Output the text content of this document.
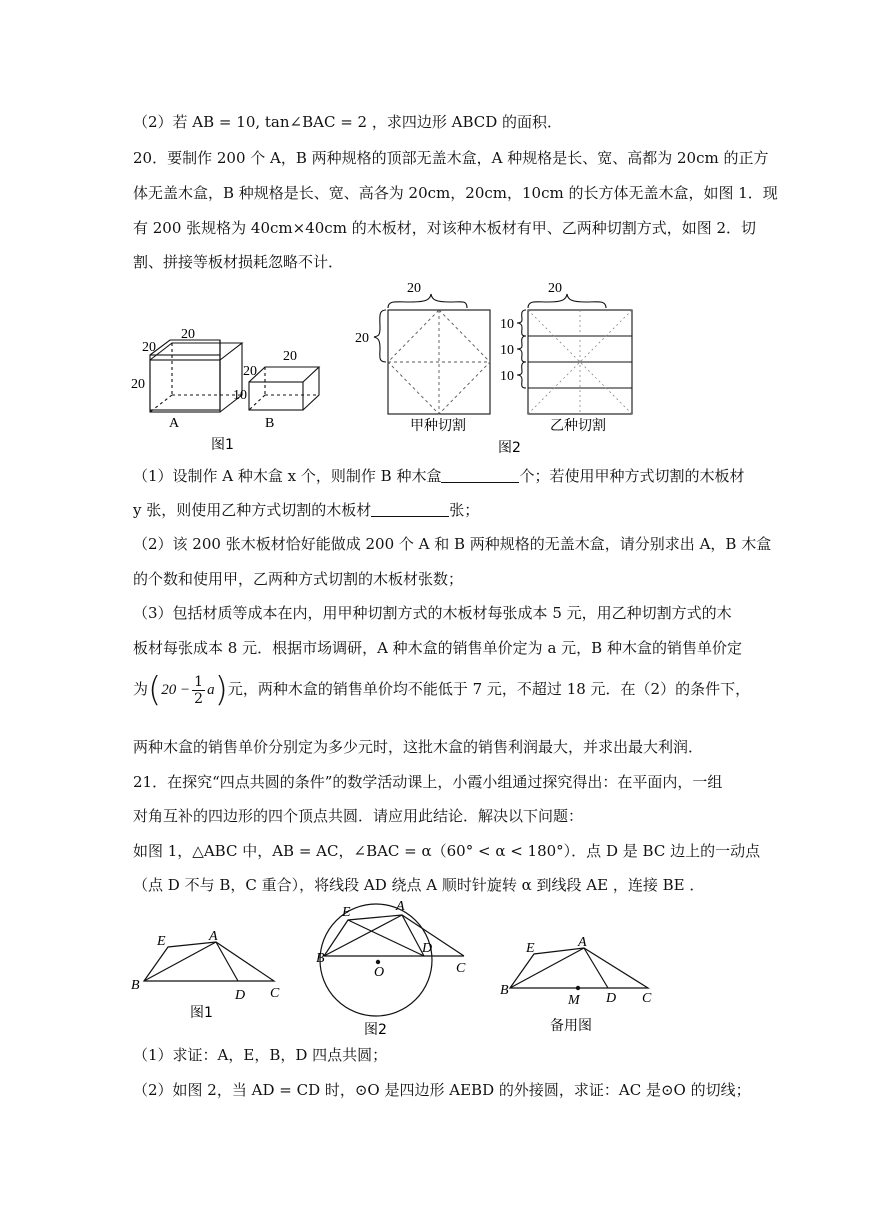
（2）若 AB = 10, tan∠BAC = 2 ，求四边形 ABCD 的面积．
20．要制作 200 个 A，B 两种规格的顶部无盖木盒，A 种规格是长、宽、高都为 20cm 的正方
体无盖木盒，B 种规格是长、宽、高各为 20cm，20cm，10cm 的长方体无盖木盒，如图 1．现
有 200 张规格为 40cm×40cm 的木板材，对该种木板材有甲、乙两种切割方式，如图 2．切
割、拼接等板材损耗忽略不计．
20
20
20
20
20
10
A	B
图1
20
20
甲种切割
20
10
10
10
乙种切割
图2
（1）设制作 A 种木盒 x 个，则制作 B 种木盒	个；若使用甲种方式切割的木板材
y 张，则使用乙种方式切割的木板材	张；
（2）该 200 张木板材恰好能做成 200 个 A 和 B 两种规格的无盖木盒，请分别求出 A，B 木盒
的个数和使用甲，乙两种方式切割的木板材张数；
（3）包括材质等成本在内，用甲种切割方式的木板材每张成本 5 元，用乙种切割方式的木
板材每张成本 8 元．根据市场调研，A 种木盒的销售单价定为 a 元，B 种木盒的销售单价定
为$(20 - \frac{1}{2} a)$元，两种木盒的销售单价均不能低于 7 元，不超过 18 元．在（2）的条件下，
两种木盒的销售单价分别定为多少元时，这批木盒的销售利润最大，并求出最大利润．
21．在探究“四点共圆的条件”的数学活动课上，小霞小组通过探究得出：在平面内，一组
对角互补的四边形的四个顶点共圆．请应用此结论．解决以下问题：
如图 1，△ABC 中，AB = AC，∠BAC = α（60° < α < 180°）．点 D 是 BC 边上的一动点
（点 D 不与 B，C 重合），将线段 AD 绕点 A 顺时针旋转 α 到线段 AE ，连接 BE ．
E	A
B
D C
图1
E	A
B
D
C
O
图2
E	A
B
M D C
备用图
（1）求证：A，E，B，D 四点共圆；
（2）如图 2，当 AD = CD 时，⊙O 是四边形 AEBD 的外接圆，求证：AC 是⊙O 的切线；
